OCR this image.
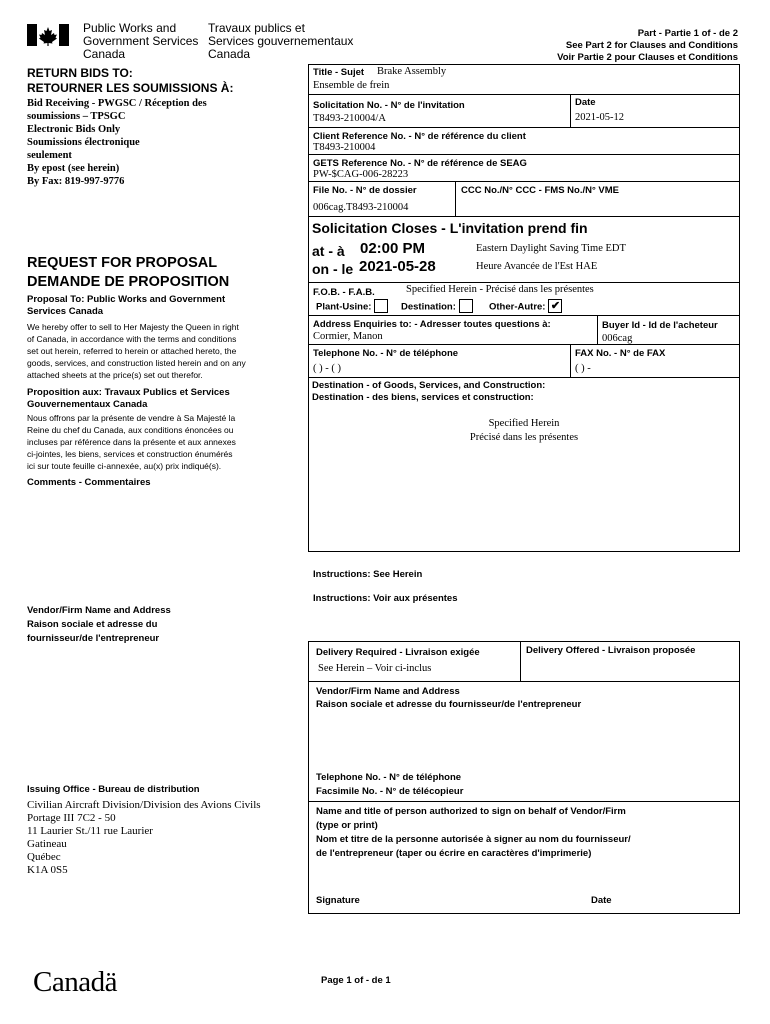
Public Works and
Government Services
Canada
Travaux publics et
Services gouvernementaux
Canada
Part - Partie 1 of - de 2
See Part 2 for Clauses and Conditions
Voir Partie 2 pour Clauses et Conditions
RETURN BIDS TO:
RETOURNER LES SOUMISSIONS À:
Bid Receiving - PWGSC / Réception des
soumissions – TPSGC
Electronic Bids Only
Soumissions électronique
seulement
By epost (see herein)
By Fax: 819-997-9776
REQUEST FOR PROPOSAL
DEMANDE DE PROPOSITION
Proposal To: Public Works and Government
Services Canada
We hereby offer to sell to Her Majesty the Queen in right
of Canada, in accordance with the terms and conditions
set out herein, referred to herein or attached hereto, the
goods, services, and construction listed herein and on any
attached sheets at the price(s) set out therefor.
Proposition aux: Travaux Publics et Services
Gouvernementaux Canada
Nous offrons par la présente de vendre à Sa Majesté la
Reine du chef du Canada, aux conditions énoncées ou
incluses par référence dans la présente et aux annexes
ci-jointes, les biens, services et construction énumérés
ici sur toute feuille ci-annexée, au(x) prix indiqué(s).
Comments - Commentaires
Vendor/Firm Name and Address
Raison sociale et adresse du
fournisseur/de l'entrepreneur
Issuing Office - Bureau de distribution
Civilian Aircraft Division/Division des Avions Civils
Portage III 7C2 - 50
11 Laurier St./11 rue Laurier
Gatineau
Québec
K1A 0S5
Title - Sujet Brake Assembly
Ensemble de frein
Solicitation No. - N° de l'invitation
T8493-210004/A
Date
2021-05-12
Client Reference No. - N° de référence du client
T8493-210004
GETS Reference No. - N° de référence de SEAG
PW-$CAG-006-28223
File No. - N° de dossier
006cag.T8493-210004
CCC No./N° CCC - FMS No./N° VME
Solicitation Closes - L'invitation prend fin
at - à 02:00 PM
on - le 2021-05-28
Eastern Daylight Saving Time EDT
Heure Avancée de l'Est HAE
F.O.B. - F.A.B.	Specified Herein - Précisé dans les présentes
Plant-Usine:	Destination:	Other-Autre: ✔
Address Enquiries to: - Adresser toutes questions à:
Cormier, Manon
Buyer Id - Id de l'acheteur
006cag
Telephone No. - N° de téléphone
( ) - ( )
FAX No. - N° de FAX
( ) -
Destination - of Goods, Services, and Construction:
Destination - des biens, services et construction:
Specified Herein
Précisé dans les présentes
Instructions: See Herein
Instructions: Voir aux présentes
Delivery Required - Livraison exigée
See Herein – Voir ci-inclus
Delivery Offered - Livraison proposée
Vendor/Firm Name and Address
Raison sociale et adresse du fournisseur/de l'entrepreneur
Telephone No. - N° de téléphone
Facsimile No. - N° de télécopieur
Name and title of person authorized to sign on behalf of Vendor/Firm
(type or print)
Nom et titre de la personne autorisée à signer au nom du fournisseur/
de l'entrepreneur (taper ou écrire en caractères d'imprimerie)
Signature	Date
Canadä	Page 1 of - de 1
